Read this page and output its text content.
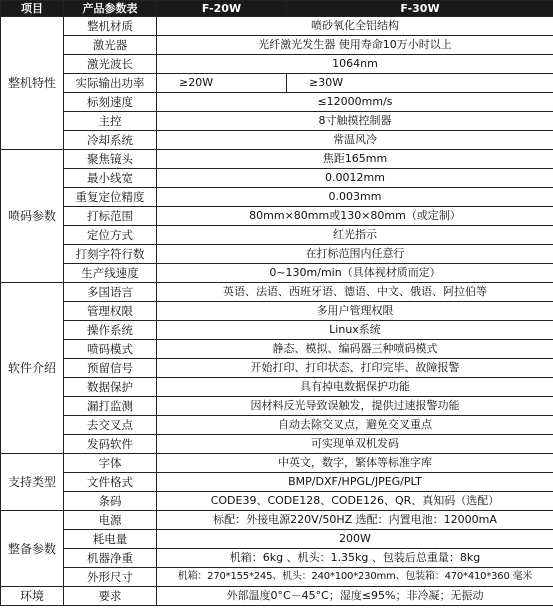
项目	产品参数表	F-20W	F-30W
整机特性	整机材质	喷砂氧化全铝结构	
	激光器	光纤激光发生器 使用寿命10万小时以上	
	激光波长	1064nm	
	实际输出功率	≥20W	≥30W
	标刻速度	≤12000mm/s	
	主控	8寸触摸控制器	
	冷却系统	常温风冷	
喷码参数	聚焦镜头	焦距165mm	
	最小线宽	0.0012mm	
	重复定位精度	0.003mm	
	打标范围	80mm×80mm或130×80mm（或定制）	
	定位方式	红光指示	
	打刻字符行数	在打标范围内任意行	
	生产线速度	0~130m/min（具体视材质而定）	
软件介绍	多国语言	英语、法语、西班牙语、德语、中文、俄语、阿拉伯等	
	管理权限	多用户管理权限	
	操作系统	Linux系统	
	喷码模式	静态、模拟、编码器三种喷码模式	
	预留信号	开始打印、打印状态、打印完毕、故障报警	
	数据保护	具有掉电数据保护功能	
	漏打监测	因材料反光导致误触发，提供过速报警功能	
	去交叉点	自动去除交叉点，避免交叉重点	
	发码软件	可实现单双机发码	
支持类型	字体	中英文，数字，繁体等标准字库	
	文件格式	BMP/DXF/HPGL/JPEG/PLT	
	条码	CODE39、CODE128、CODE126、QR、真知码（选配）	
整备参数	电源	标配：外接电源220V/50HZ 选配：内置电池：12000mA	
	耗电量	200W	
	机器净重	机箱：6kg 、机头：1.35kg 、包装后总重量：8kg	
	外形尺寸	机箱：270*155*245、机头：240*100*230mm、包装箱：470*410*360 毫米	
环境	要求	外部温度0°C－45°C；湿度≤95%；非冷凝；无振动	
